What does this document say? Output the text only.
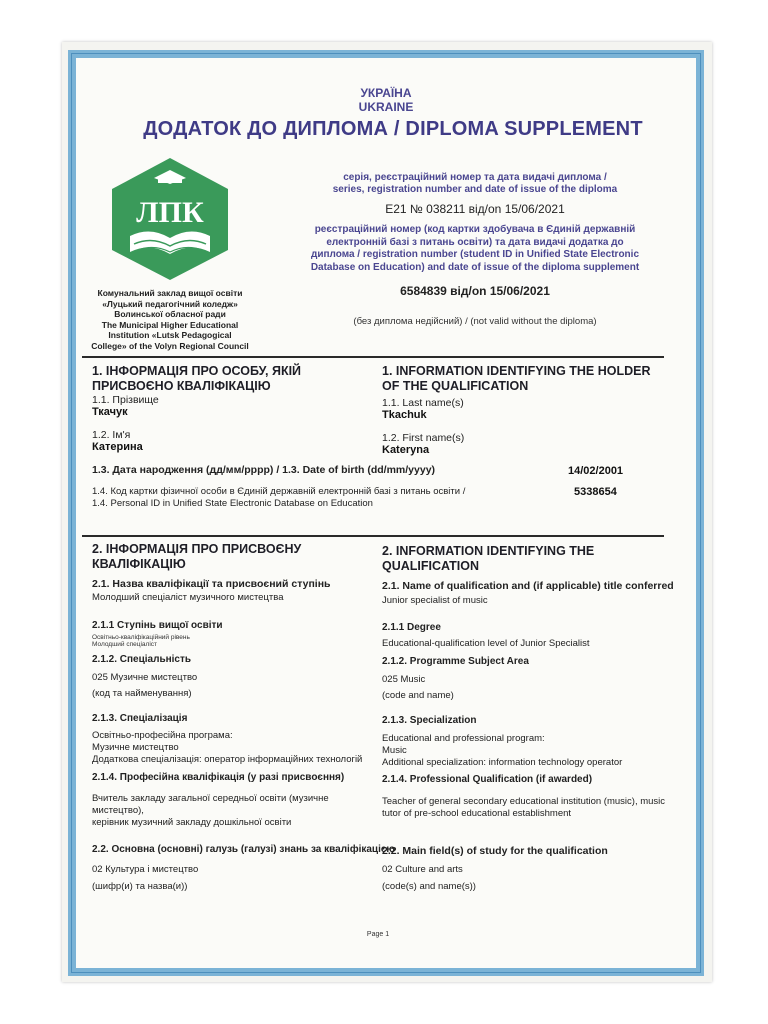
УКРАЇНА
UKRAINE
ДОДАТОК ДО ДИПЛОМА / DIPLOMA SUPPLEMENT
ЛПК
Комунальний заклад вищої освіти
«Луцький педагогічний коледж»
Волинської обласної ради
The Municipal Higher Educational
Institution «Lutsk Pedagogical
College» of the Volyn Regional Council
серія, реєстраційний номер та дата видачі диплома /
series, registration number and date of issue of the diploma
E21 № 038211 від/on 15/06/2021
реєстраційний номер (код картки здобувача в Єдиній державній
електронній базі з питань освіти) та дата видачі додатка до
диплома / registration number (student ID in Unified State Electronic
Database on Education) and date of issue of the diploma supplement
6584839 від/on 15/06/2021
(без диплома недійсний) / (not valid without the diploma)
1. ІНФОРМАЦІЯ ПРО ОСОБУ, ЯКІЙ
ПРИСВОЄНО КВАЛІФІКАЦІЮ
1. INFORMATION IDENTIFYING THE HOLDER
OF THE QUALIFICATION
1.1. Прізвище
Ткачук
1.1. Last name(s)
Tkachuk
1.2. Ім'я
Катерина
1.2. First name(s)
Kateryna
1.3. Дата народження (дд/мм/рррр) / 1.3. Date of birth (dd/mm/yyyy)	14/02/2001
1.4. Код картки фізичної особи в Єдиній державній електронній базі з питань освіти /
1.4. Personal ID in Unified State Electronic Database on Education
5338654
2. ІНФОРМАЦІЯ ПРО ПРИСВОЄНУ
КВАЛІФІКАЦІЮ
2. INFORMATION IDENTIFYING THE
QUALIFICATION
2.1. Назва кваліфікації та присвоєний ступінь
Молодший спеціаліст музичного мистецтва
2.1. Name of qualification and (if applicable) title conferred
Junior specialist of music
2.1.1 Ступінь вищої освіти
Освітньо-кваліфікаційний рівень
Молодший спеціаліст
2.1.1 Degree
Educational-qualification level of Junior Specialist
2.1.2. Спеціальність
025 Музичне мистецтво
(код та найменування)
2.1.2. Programme Subject Area
025 Music
(code and name)
2.1.3. Спеціалізація
Освітньо-професійна програма:
Музичне мистецтво
Додаткова спеціалізація: оператор інформаційних технологій
2.1.3. Specialization
Educational and professional program:
Music
Additional specialization: information technology operator
2.1.4. Професійна кваліфікація (у разі присвоєння)
Вчитель закладу загальної середньої освіти (музичне мистецтво),
керівник музичний закладу дошкільної освіти
2.1.4. Professional Qualification (if awarded)
Teacher of general secondary educational institution (music), music
tutor of pre-school educational establishment
2.2. Основна (основні) галузь (галузі) знань за кваліфікацією
02 Культура і мистецтво
(шифр(и) та назва(и))
2.2. Main field(s) of study for the qualification
02 Culture and arts
(code(s) and name(s))
Page 1
